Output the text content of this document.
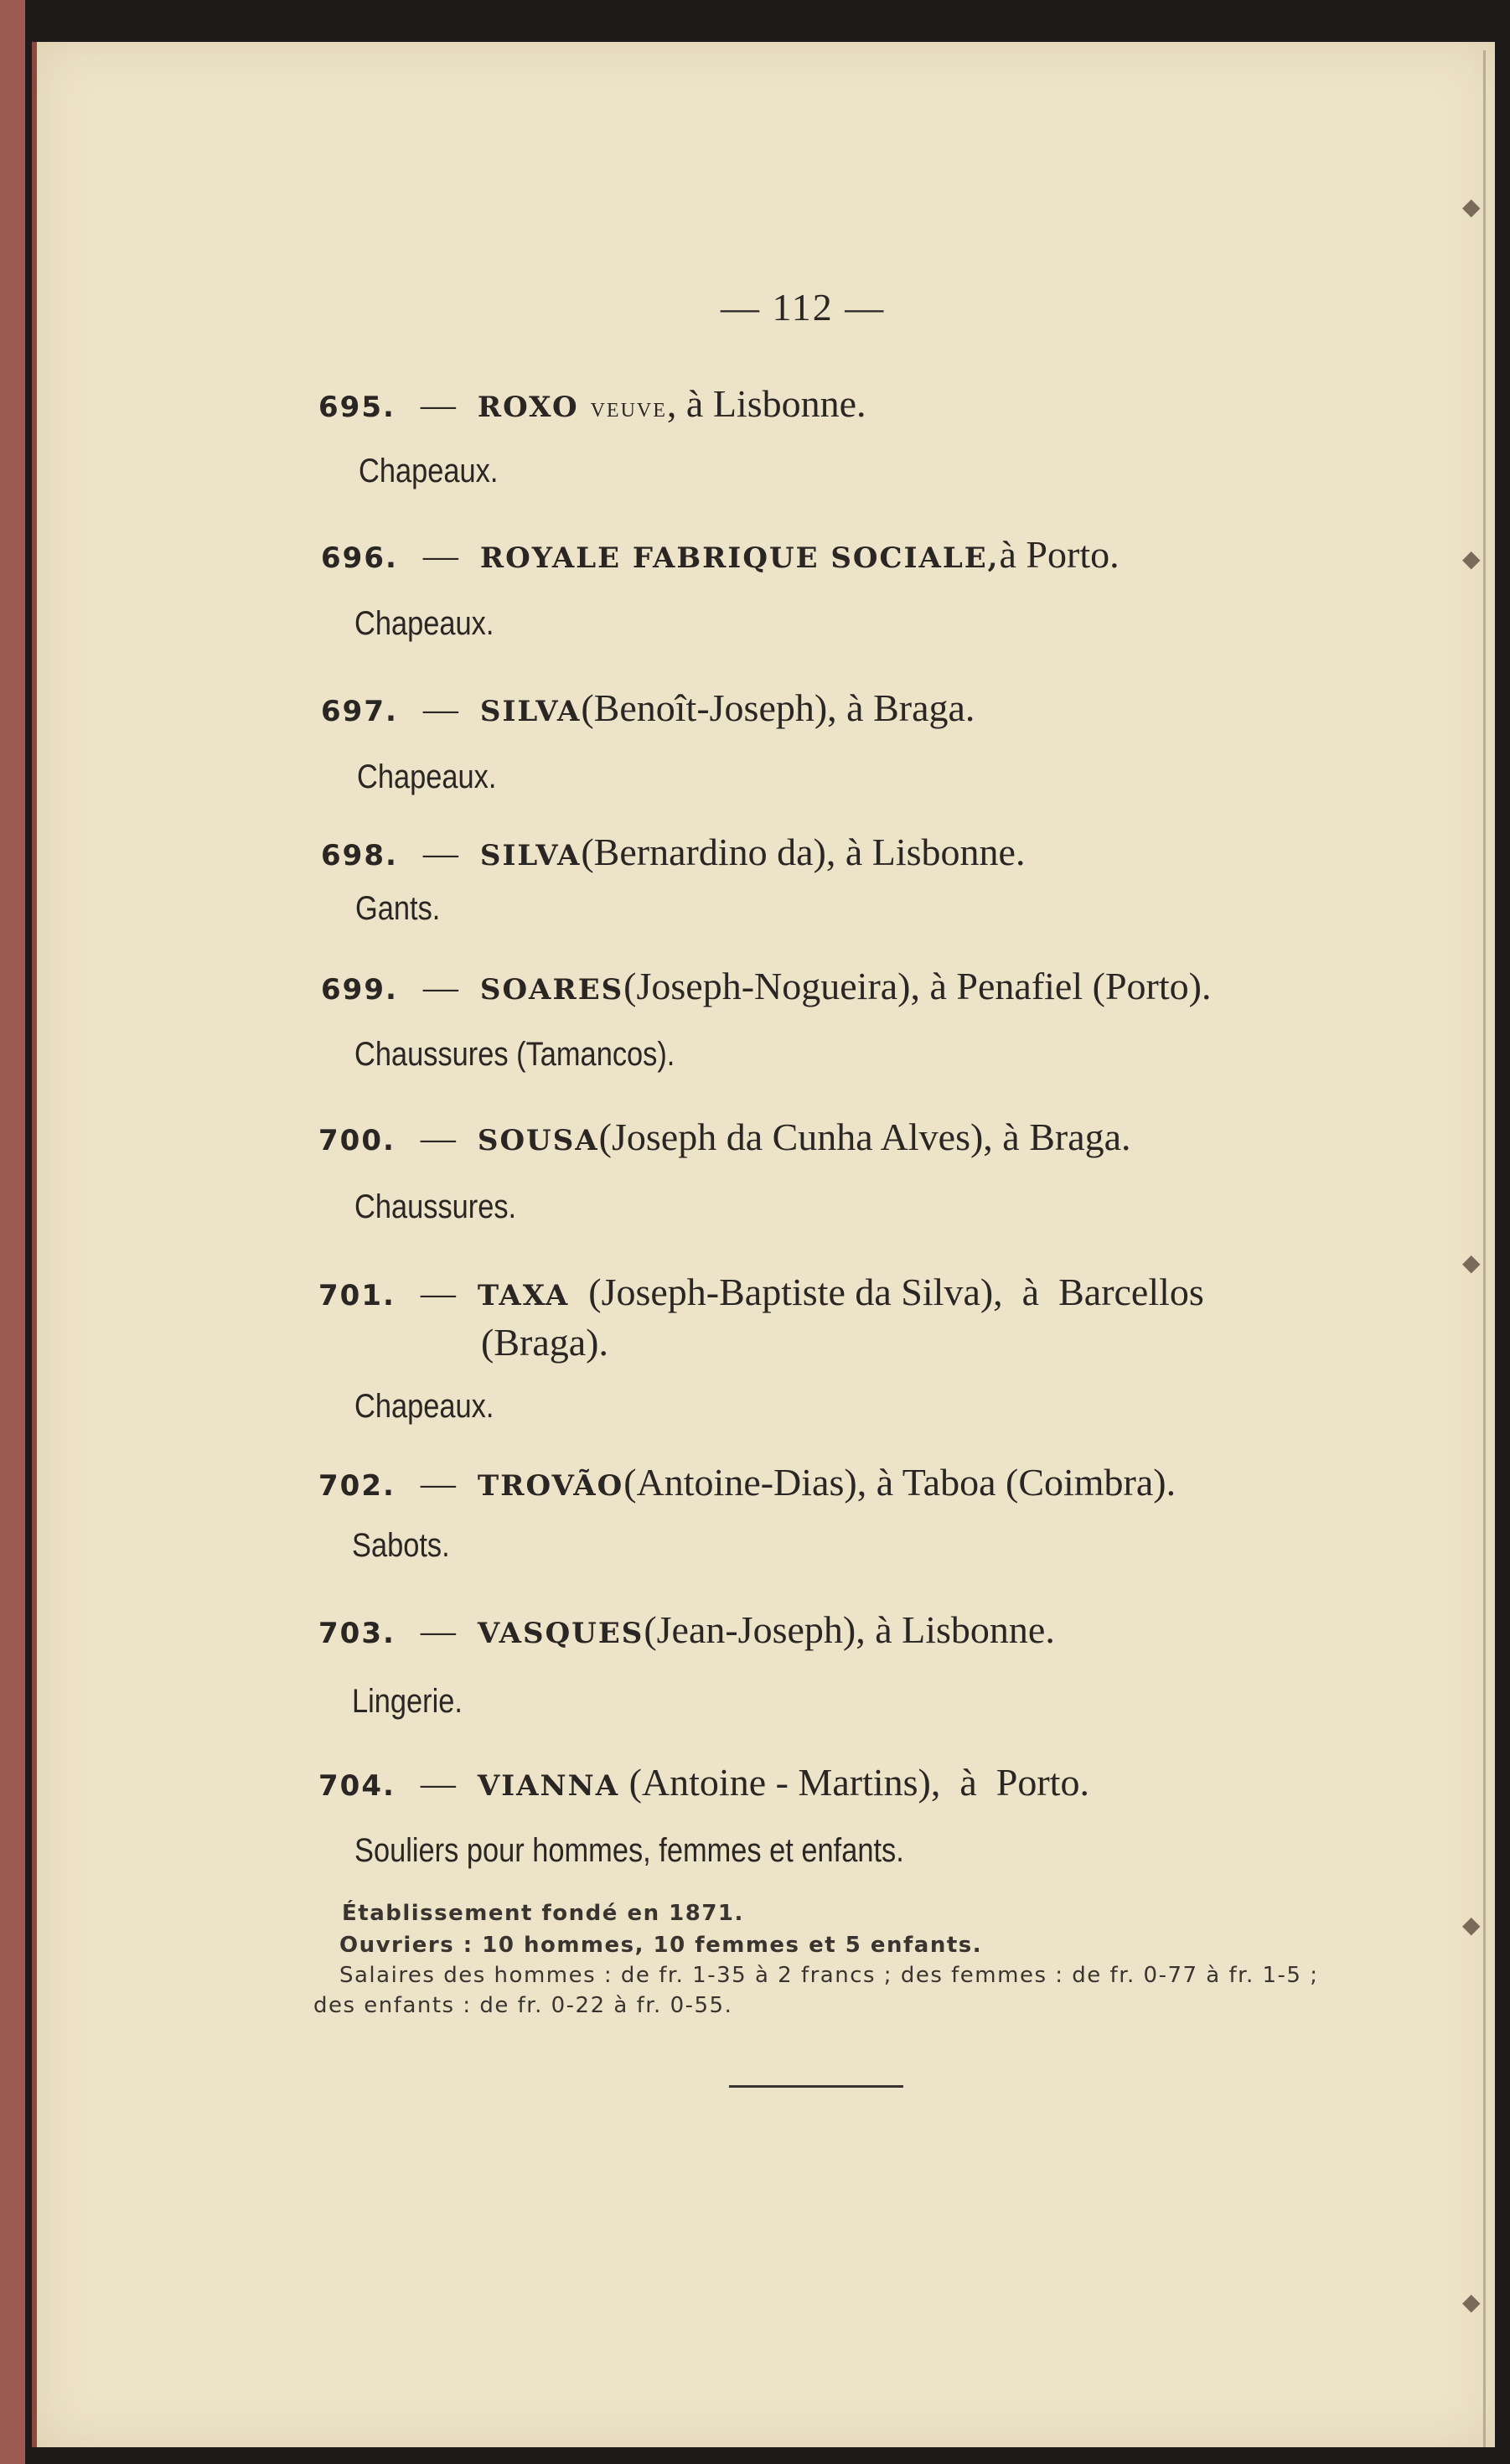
◆
◆
◆
◆
◆
— 112 —
695. — ROXO veuve , à Lisbonne.
Chapeaux.
696. — ROYALE FABRIQUE SOCIALE, à Porto.
Chapeaux.
697. — SILVA (Benoît-Joseph), à Braga.
Chapeaux.
698. — SILVA (Bernardino da), à Lisbonne.
Gants.
699. — SOARES (Joseph-Nogueira), à Penafiel (Porto).
Chaussures (Tamancos).
700. — SOUSA (Joseph da Cunha Alves), à Braga.
Chaussures.
701. — TAXA (Joseph-Baptiste da Silva),  à  Barcellos
(Braga).
Chapeaux.
702. — TROVÃO (Antoine-Dias), à Taboa (Coimbra).
Sabots.
703. — VASQUES (Jean-Joseph), à Lisbonne.
Lingerie.
704. — VIANNA (Antoine - Martins),  à  Porto.
Souliers pour hommes, femmes et enfants.
Établissement fondé en 1871.
Ouvriers : 10 hommes, 10 femmes et 5 enfants.
Salaires des hommes : de fr. 1-35 à 2 francs ; des femmes : de fr. 0-77 à fr. 1-5 ;
des enfants : de fr. 0-22 à fr. 0-55.
